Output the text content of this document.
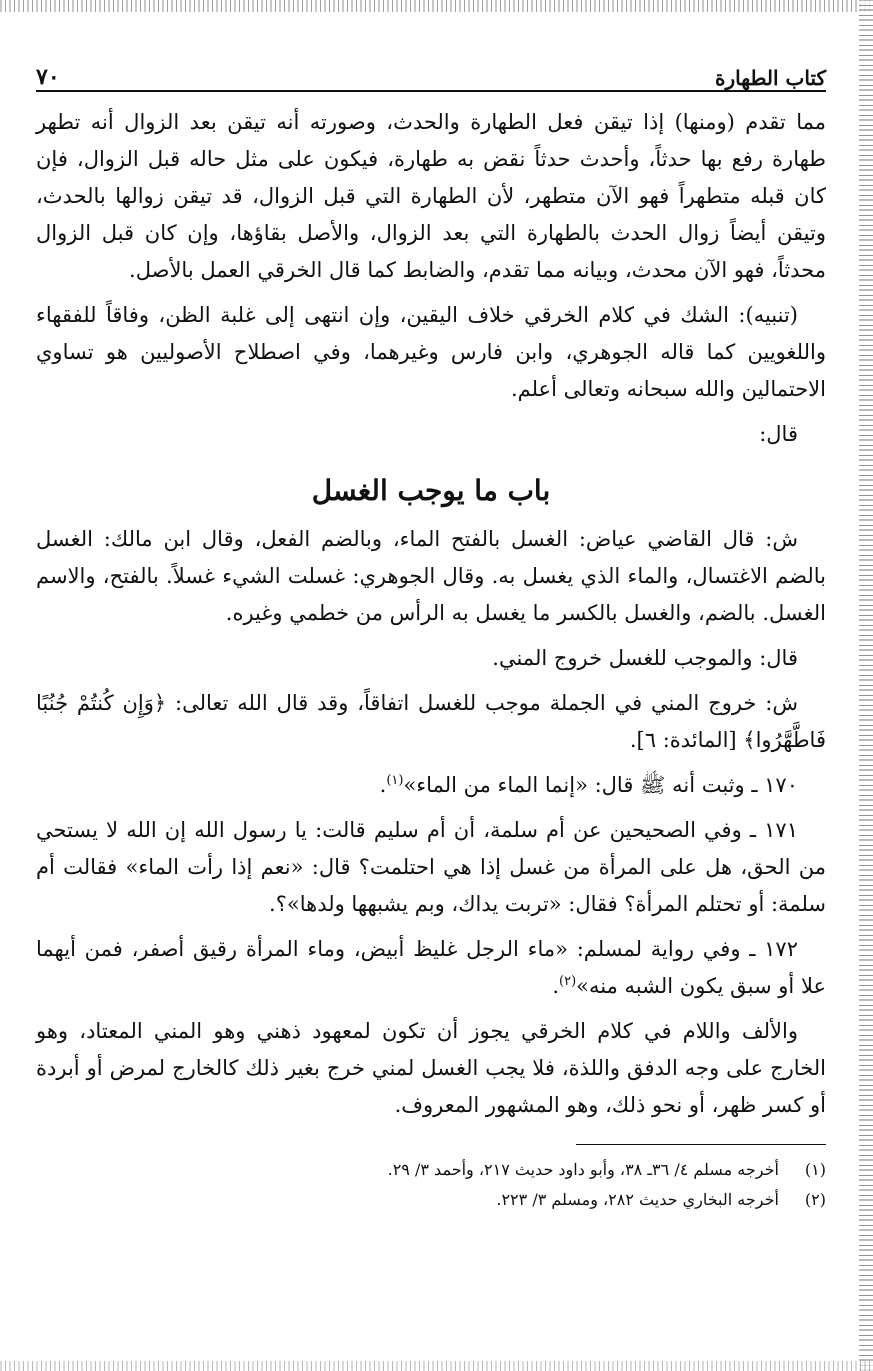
كتاب الطهارة
٧٠

مما تقدم (ومنها) إذا تيقن فعل الطهارة والحدث، وصورته أنه تيقن بعد الزوال أنه تطهر طهارة رفع بها حدثاً، وأحدث حدثاً نقض به طهارة، فيكون على مثل حاله قبل الزوال، فإن كان قبله متطهراً فهو الآن متطهر، لأن الطهارة التي قبل الزوال، قد تيقن زوالها بالحدث، وتيقن أيضاً زوال الحدث بالطهارة التي بعد الزوال، والأصل بقاؤها، وإن كان قبل الزوال محدثاً، فهو الآن محدث، وبيانه مما تقدم، والضابط كما قال الخرقي العمل بالأصل.

(تنبيه): الشك في كلام الخرقي خلاف اليقين، وإن انتهى إلى غلبة الظن، وفاقاً للفقهاء واللغويين كما قاله الجوهري، وابن فارس وغيرهما، وفي اصطلاح الأصوليين هو تساوي الاحتمالين والله سبحانه وتعالى أعلم.

قال:

باب ما يوجب الغسل

ش: قال القاضي عياض: الغسل بالفتح الماء، وبالضم الفعل، وقال ابن مالك: الغسل بالضم الاغتسال، والماء الذي يغسل به. وقال الجوهري: غسلت الشيء غسلاً. بالفتح، والاسم الغسل. بالضم، والغسل بالكسر ما يغسل به الرأس من خطمي وغيره.

قال: والموجب للغسل خروج المني.

ش: خروج المني في الجملة موجب للغسل اتفاقاً، وقد قال الله تعالى: ﴿وَإِن كُنتُمْ جُنُبًا فَاطَّهَّرُوا﴾ [المائدة: ٦].

١٧٠ ـ وثبت أنه ﷺ قال: «إنما الماء من الماء»$^{(١)}$.

١٧١ ـ وفي الصحيحين عن أم سلمة، أن أم سليم قالت: يا رسول الله إن الله لا يستحي من الحق، هل على المرأة من غسل إذا هي احتلمت؟ قال: «نعم إذا رأت الماء» فقالت أم سلمة: أو تحتلم المرأة؟ فقال: «تربت يداك، وبم يشبهها ولدها»؟.

١٧٢ ـ وفي رواية لمسلم: «ماء الرجل غليظ أبيض، وماء المرأة رقيق أصفر، فمن أيهما علا أو سبق يكون الشبه منه»$^{(٢)}$.

والألف واللام في كلام الخرقي يجوز أن تكون لمعهود ذهني وهو المني المعتاد، وهو الخارج على وجه الدفق واللذة، فلا يجب الغسل لمني خرج بغير ذلك كالخارج لمرض أو أبردة أو كسر ظهر، أو نحو ذلك، وهو المشهور المعروف.

(١) أخرجه مسلم ٤/ ٣٦ـ ٣٨، وأبو داود حديث ٢١٧، وأحمد ٣/ ٢٩.
(٢) أخرجه البخاري حديث ٢٨٢، ومسلم ٣/ ٢٢٣.
